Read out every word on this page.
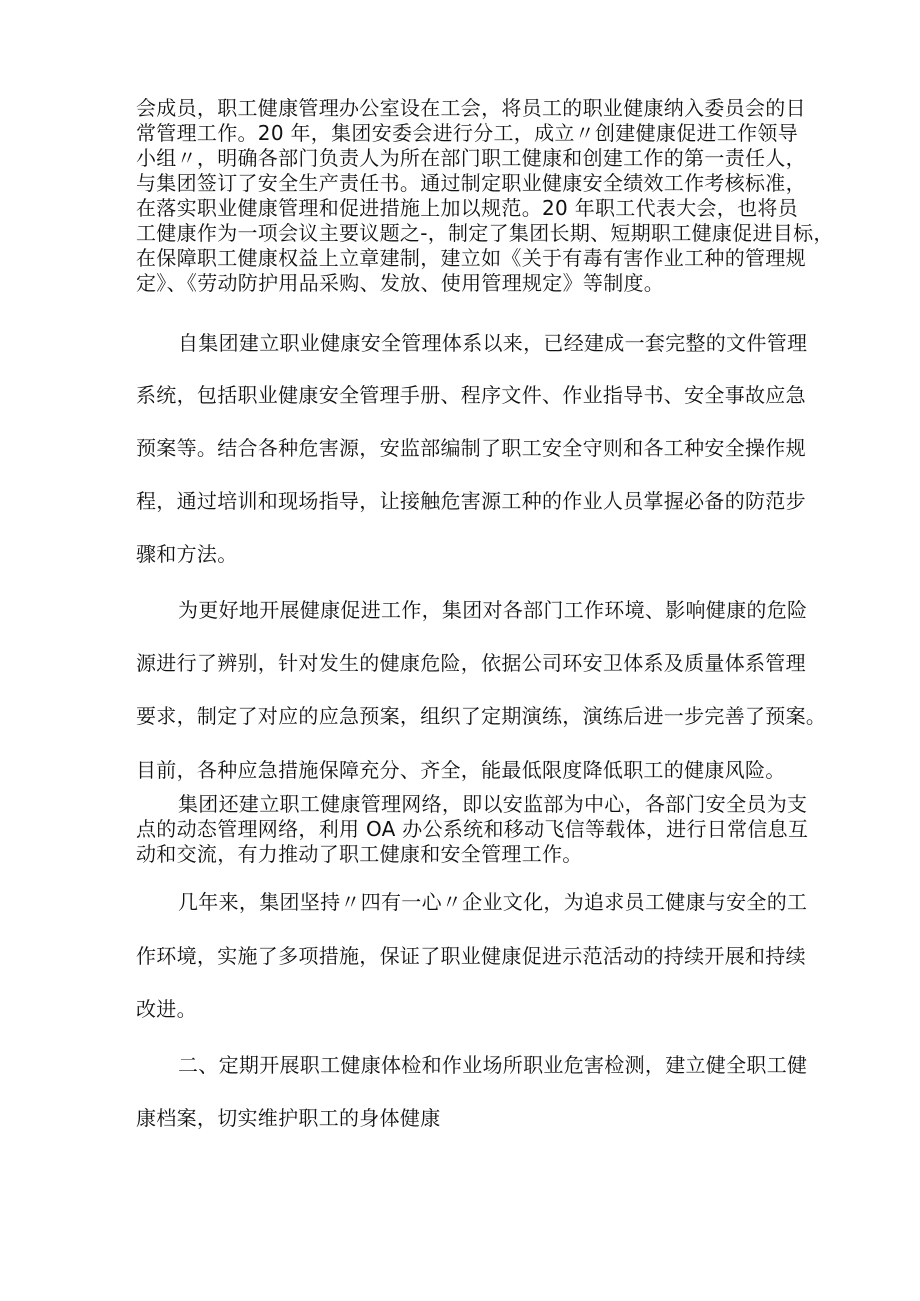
会成员，职工健康管理办公室设在工会，将员工的职业健康纳入委员会的日
常管理工作。20 年，集团安委会进行分工，成立〃创建健康促进工作领导
小组〃，明确各部门负责人为所在部门职工健康和创建工作的第一责任人，
与集团签订了安全生产责任书。通过制定职业健康安全绩效工作考核标准，
在落实职业健康管理和促进措施上加以规范。20 年职工代表大会，也将员
工健康作为一项会议主要议题之-，制定了集团长期、短期职工健康促进目标，
在保障职工健康权益上立章建制，建立如《关于有毒有害作业工种的管理规
定》、《劳动防护用品采购、发放、使用管理规定》等制度。
自集团建立职业健康安全管理体系以来，已经建成一套完整的文件管理
系统，包括职业健康安全管理手册、程序文件、作业指导书、安全事故应急
预案等。结合各种危害源，安监部编制了职工安全守则和各工种安全操作规
程，通过培训和现场指导，让接触危害源工种的作业人员掌握必备的防范步
骤和方法。
为更好地开展健康促进工作，集团对各部门工作环境、影响健康的危险
源进行了辨别，针对发生的健康危险，依据公司环安卫体系及质量体系管理
要求，制定了对应的应急预案，组织了定期演练，演练后进一步完善了预案。
目前，各种应急措施保障充分、齐全，能最低限度降低职工的健康风险。
集团还建立职工健康管理网络，即以安监部为中心，各部门安全员为支
点的动态管理网络，利用 OA 办公系统和移动飞信等载体，进行日常信息互
动和交流，有力推动了职工健康和安全管理工作。
几年来，集团坚持〃四有一心〃企业文化，为追求员工健康与安全的工
作环境，实施了多项措施，保证了职业健康促进示范活动的持续开展和持续
改进。
二、定期开展职工健康体检和作业场所职业危害检测，建立健全职工健
康档案，切实维护职工的身体健康
